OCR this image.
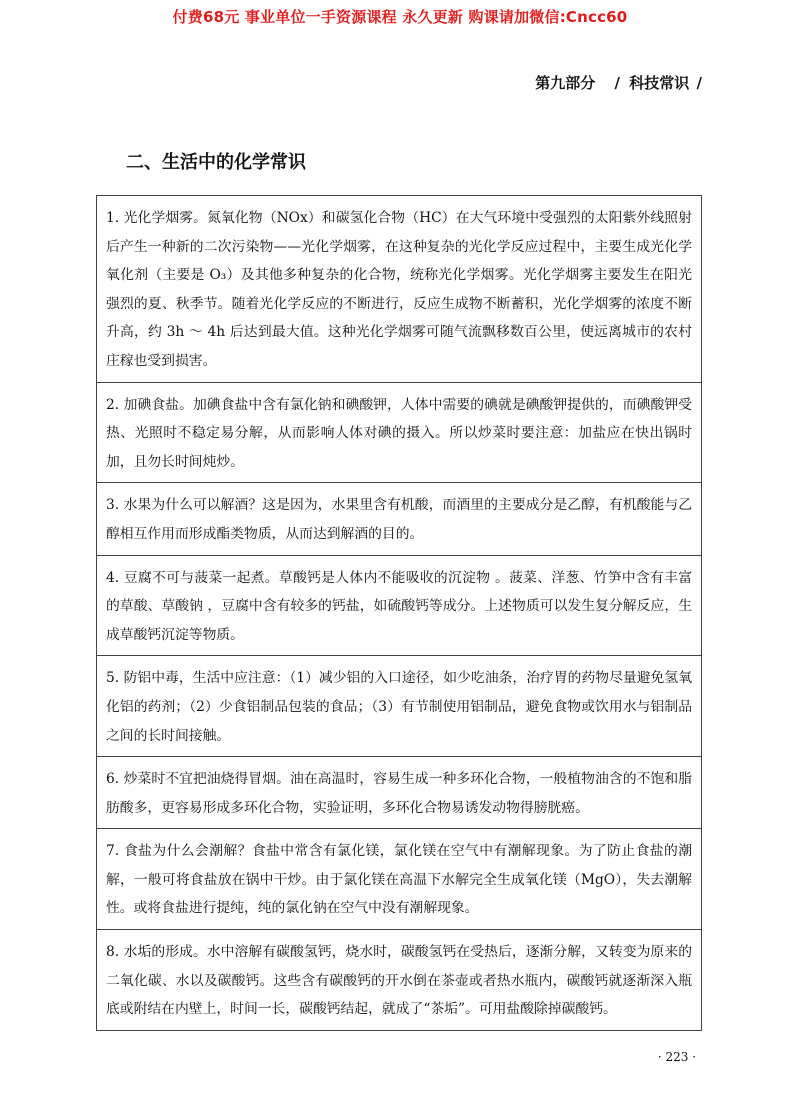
付费68元 事业单位一手资源课程 永久更新 购课请加微信:Cncc60
第九部分 / 科技常识 /
二、生活中的化学常识
1. 光化学烟雾。氮氧化物（NOx）和碳氢化合物（HC）在大气环境中受强烈的太阳紫外线照射后产生一种新的二次污染物——光化学烟雾，在这种复杂的光化学反应过程中，主要生成光化学氧化剂（主要是 O₃）及其他多种复杂的化合物，统称光化学烟雾。光化学烟雾主要发生在阳光强烈的夏、秋季节。随着光化学反应的不断进行，反应生成物不断蓄积，光化学烟雾的浓度不断升高，约 3h ～ 4h 后达到最大值。这种光化学烟雾可随气流飘移数百公里，使远离城市的农村庄稼也受到损害。
2. 加碘食盐。加碘食盐中含有氯化钠和碘酸钾，人体中需要的碘就是碘酸钾提供的，而碘酸钾受热、光照时不稳定易分解，从而影响人体对碘的摄入。所以炒菜时要注意：加盐应在快出锅时加，且勿长时间炖炒。
3. 水果为什么可以解酒？这是因为，水果里含有机酸，而酒里的主要成分是乙醇，有机酸能与乙醇相互作用而形成酯类物质，从而达到解酒的目的。
4. 豆腐不可与菠菜一起煮。草酸钙是人体内不能吸收的沉淀物 。菠菜、洋葱、竹笋中含有丰富的草酸、草酸钠 ，豆腐中含有较多的钙盐，如硫酸钙等成分。上述物质可以发生复分解反应，生成草酸钙沉淀等物质。
5. 防铝中毒，生活中应注意：（1）减少铝的入口途径，如少吃油条，治疗胃的药物尽量避免氢氧化铝的药剂；（2）少食铝制品包装的食品；（3）有节制使用铝制品，避免食物或饮用水与铝制品之间的长时间接触。
6. 炒菜时不宜把油烧得冒烟。油在高温时，容易生成一种多环化合物，一般植物油含的不饱和脂肪酸多，更容易形成多环化合物，实验证明，多环化合物易诱发动物得膀胱癌。
7. 食盐为什么会潮解？食盐中常含有氯化镁，氯化镁在空气中有潮解现象。为了防止食盐的潮解，一般可将食盐放在锅中干炒。由于氯化镁在高温下水解完全生成氧化镁（MgO），失去潮解性。或将食盐进行提纯，纯的氯化钠在空气中没有潮解现象。
8. 水垢的形成。水中溶解有碳酸氢钙，烧水时，碳酸氢钙在受热后，逐渐分解，又转变为原来的二氧化碳、水以及碳酸钙。这些含有碳酸钙的开水倒在茶壶或者热水瓶内，碳酸钙就逐渐深入瓶底或附结在内壁上，时间一长，碳酸钙结起，就成了“茶垢”。可用盐酸除掉碳酸钙。
· 223 ·
